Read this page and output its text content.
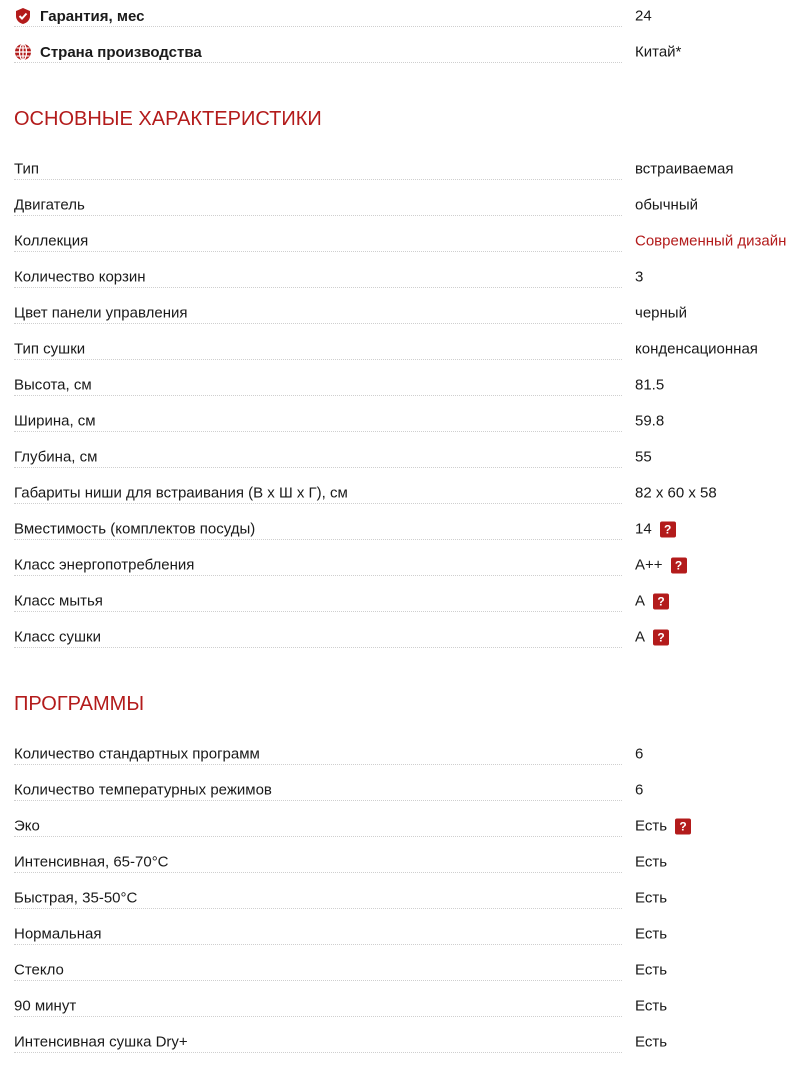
Гарантия, мес	24
Страна производства	Китай*
ОСНОВНЫЕ ХАРАКТЕРИСТИКИ
Тип	встраиваемая
Двигатель	обычный
Коллекция	Современный дизайн
Количество корзин	3
Цвет панели управления	черный
Тип сушки	конденсационная
Высота, см	81.5
Ширина, см	59.8
Глубина, см	55
Габариты ниши для встраивания (В х Ш х Г), см	82 x 60 x 58
Вместимость (комплектов посуды)	14 ?
Класс энергопотребления	A++ ?
Класс мытья	A ?
Класс сушки	A ?
ПРОГРАММЫ
Количество стандартных программ	6
Количество температурных режимов	6
Эко	Есть ?
Интенсивная, 65-70°C	Есть
Быстрая, 35-50°C	Есть
Нормальная	Есть
Стекло	Есть
90 минут	Есть
Интенсивная сушка Dry+	Есть
